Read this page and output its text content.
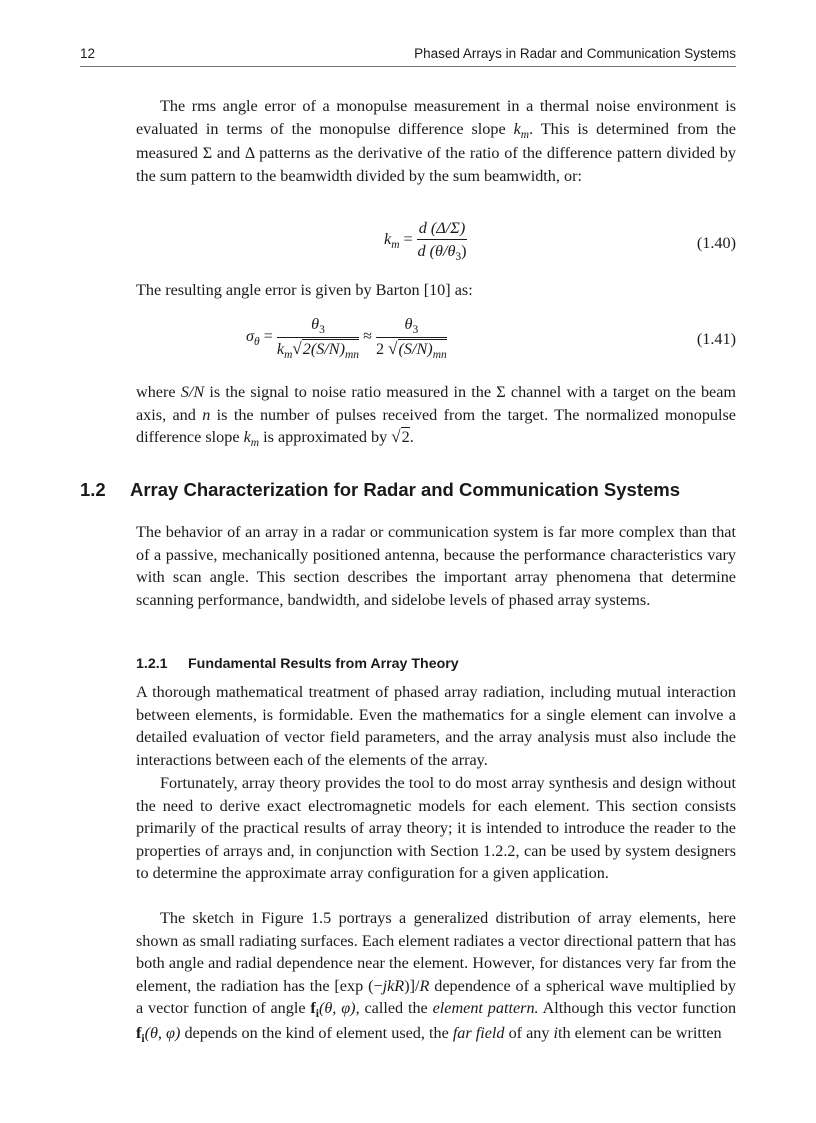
12	Phased Arrays in Radar and Communication Systems

The rms angle error of a monopulse measurement in a thermal noise environment is evaluated in terms of the monopulse difference slope $k_m$. This is determined from the measured Σ and Δ patterns as the derivative of the ratio of the difference pattern divided by the sum pattern to the beamwidth divided by the sum beamwidth, or:

$k_m = \frac{d (\Delta/\Sigma)}{d (\theta/\theta_3)}$	(1.40)

The resulting angle error is given by Barton [10] as:

$\sigma_\theta = \frac{\theta_3}{k_m√2(S/N)_{mn}} \approx \frac{\theta_3}{2 √(S/N)_{mn}}$	(1.41)

where S/N is the signal to noise ratio measured in the Σ channel with a target on the beam axis, and n is the number of pulses received from the target. The normalized monopulse difference slope $k_m$ is approximated by √2.

1.2 Array Characterization for Radar and Communication Systems

The behavior of an array in a radar or communication system is far more complex than that of a passive, mechanically positioned antenna, because the performance characteristics vary with scan angle. This section describes the important array phenomena that determine scanning performance, bandwidth, and sidelobe levels of phased array systems.

1.2.1 Fundamental Results from Array Theory

A thorough mathematical treatment of phased array radiation, including mutual interaction between elements, is formidable. Even the mathematics for a single element can involve a detailed evaluation of vector field parameters, and the array analysis must also include the interactions between each of the elements of the array.

Fortunately, array theory provides the tool to do most array synthesis and design without the need to derive exact electromagnetic models for each element. This section consists primarily of the practical results of array theory; it is intended to introduce the reader to the properties of arrays and, in conjunction with Section 1.2.2, can be used by system designers to determine the approximate array configuration for a given application.

The sketch in Figure 1.5 portrays a generalized distribution of array elements, here shown as small radiating surfaces. Each element radiates a vector directional pattern that has both angle and radial dependence near the element. However, for distances very far from the element, the radiation has the [exp (−jkR)]/R dependence of a spherical wave multiplied by a vector function of angle $f_i(\theta$, φ), called the element pattern. Although this vector function $f_i(\theta$, φ) depends on the kind of element used, the far field of any ith element can be written
